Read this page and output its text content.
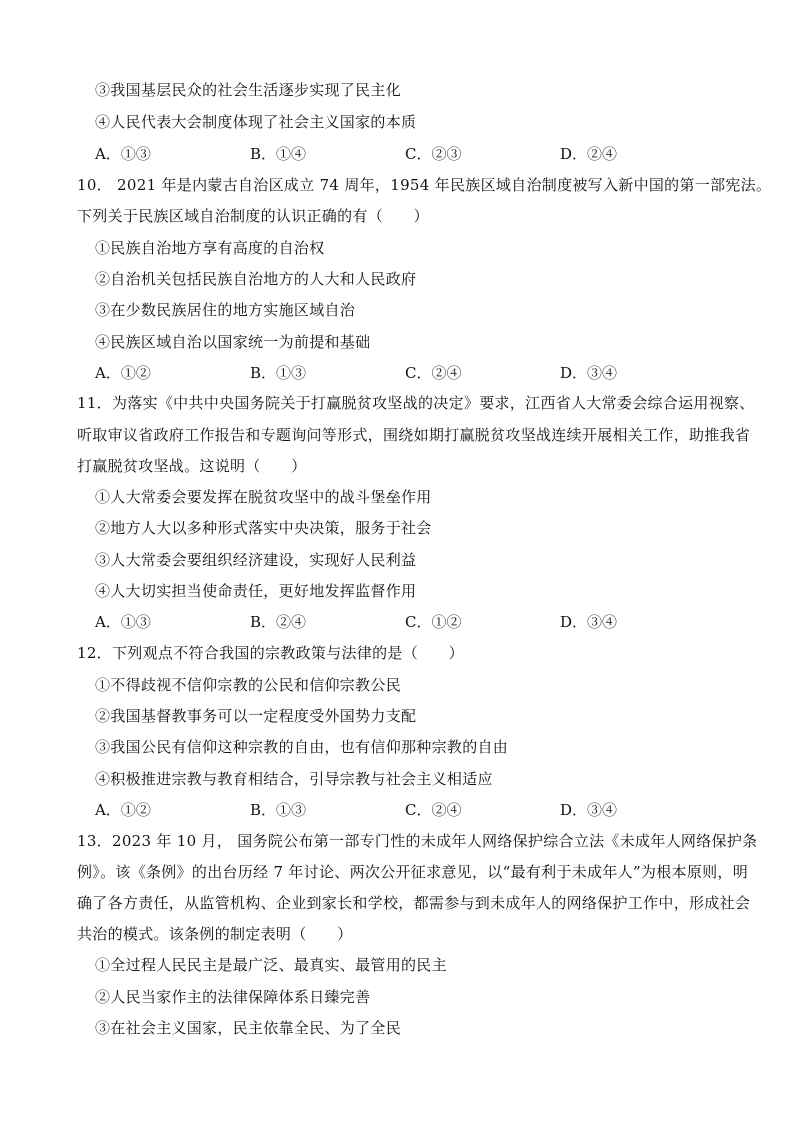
③我国基层民众的社会生活逐步实现了民主化
④人民代表大会制度体现了社会主义国家的本质
A．①③	B．①④	C．②③	D．②④
10． 2021 年是内蒙古自治区成立 74 周年，1954 年民族区域自治制度被写入新中国的第一部宪法。
下列关于民族区域自治制度的认识正确的有（　　）
①民族自治地方享有高度的自治权
②自治机关包括民族自治地方的人大和人民政府
③在少数民族居住的地方实施区域自治
④民族区域自治以国家统一为前提和基础
A．①②	B．①③	C．②④	D．③④
11．为落实《中共中央国务院关于打赢脱贫攻坚战的决定》要求，江西省人大常委会综合运用视察、
听取审议省政府工作报告和专题询问等形式，围绕如期打赢脱贫攻坚战连续开展相关工作，助推我省
打赢脱贫攻坚战。这说明（　　）
①人大常委会要发挥在脱贫攻坚中的战斗堡垒作用
②地方人大以多种形式落实中央决策，服务于社会
③人大常委会要组织经济建设，实现好人民利益
④人大切实担当使命责任，更好地发挥监督作用
A．①③	B．②④	C．①②	D．③④
12．下列观点不符合我国的宗教政策与法律的是（　　）
①不得歧视不信仰宗教的公民和信仰宗教公民
②我国基督教事务可以一定程度受外国势力支配
③我国公民有信仰这种宗教的自由，也有信仰那种宗教的自由
④积极推进宗教与教育相结合，引导宗教与社会主义相适应
A．①②	B．①③	C．②④	D．③④
13．2023 年 10 月， 国务院公布第一部专门性的未成年人网络保护综合立法《未成年人网络保护条
例》。该《条例》的出台历经 7 年讨论、两次公开征求意见，以“最有利于未成年人”为根本原则，明
确了各方责任，从监管机构、企业到家长和学校，都需参与到未成年人的网络保护工作中，形成社会
共治的模式。该条例的制定表明（　　）
①全过程人民民主是最广泛、最真实、最管用的民主
②人民当家作主的法律保障体系日臻完善
③在社会主义国家，民主依靠全民、为了全民
